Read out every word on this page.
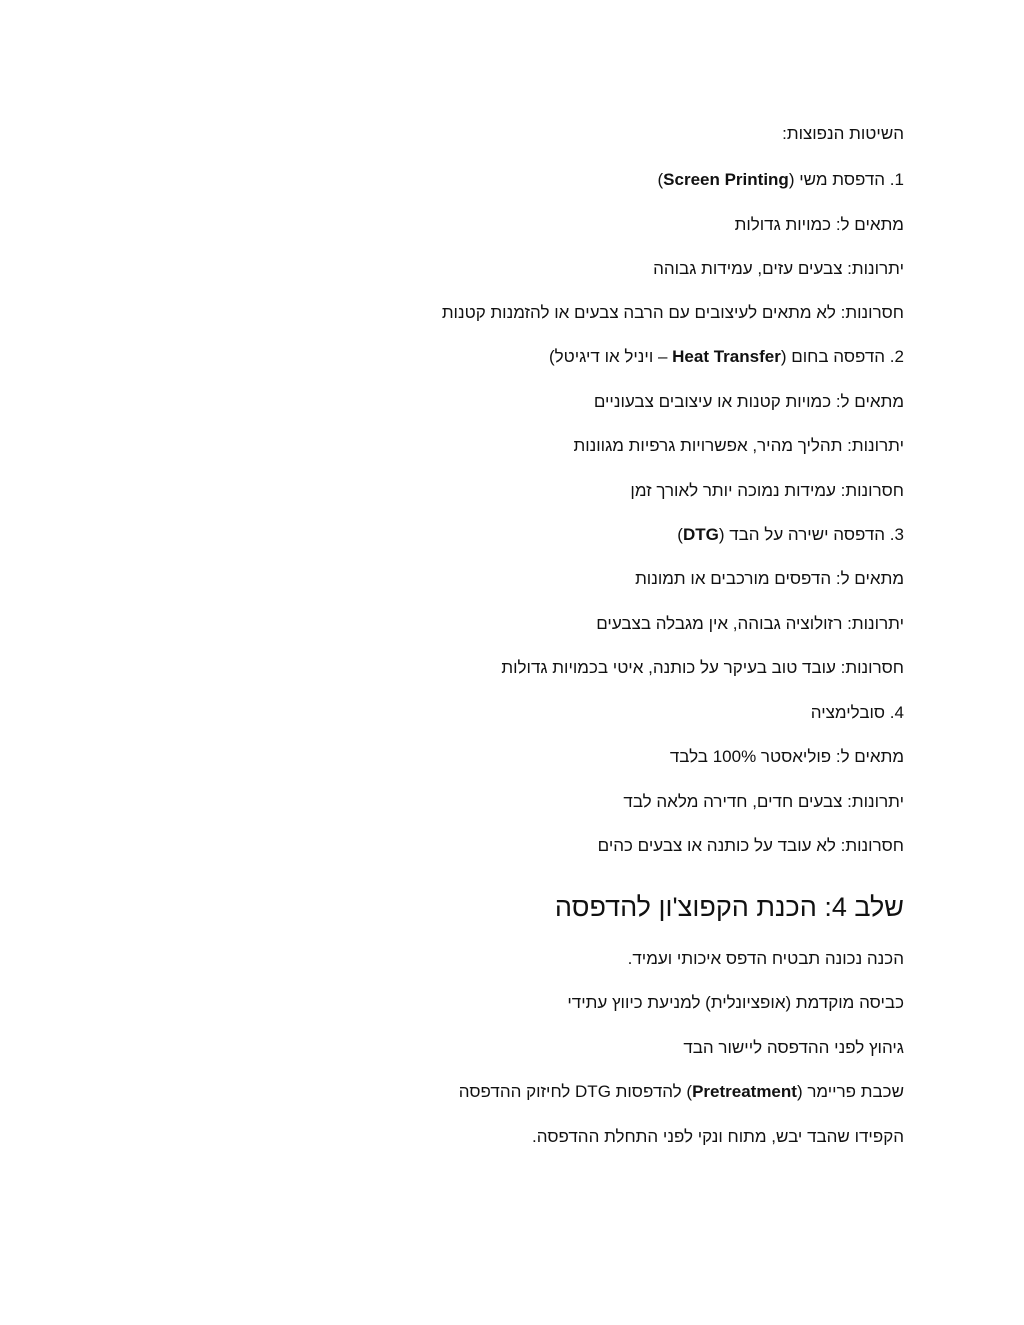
השיטות הנפוצות:
1. הדפסת משי (Screen Printing)
מתאים ל: כמויות גדולות
יתרונות: צבעים עזים, עמידות גבוהה
חסרונות: לא מתאים לעיצובים עם הרבה צבעים או להזמנות קטנות
2. הדפסה בחום (Heat Transfer – ויניל או דיגיטל)
מתאים ל: כמויות קטנות או עיצובים צבעוניים
יתרונות: תהליך מהיר, אפשרויות גרפיות מגוונות
חסרונות: עמידות נמוכה יותר לאורך זמן
3. הדפסה ישירה על הבד (DTG)
מתאים ל: הדפסים מורכבים או תמונות
יתרונות: רזולוציה גבוהה, אין מגבלה בצבעים
חסרונות: עובד טוב בעיקר על כותנה, איטי בכמויות גדולות
4. סובלימציה
מתאים ל: פוליאסטר 100% בלבד
יתרונות: צבעים חדים, חדירה מלאה לבד
חסרונות: לא עובד על כותנה או צבעים כהים
שלב 4: הכנת הקפוצ'ון להדפסה
הכנה נכונה תבטיח הדפס איכותי ועמיד.
כביסה מוקדמת (אופציונלית) למניעת כיווץ עתידי
גיהוץ לפני ההדפסה ליישור הבד
שכבת פריימר (Pretreatment) להדפסות DTG לחיזוק ההדפסה
הקפידו שהבד יבש, מתוח ונקי לפני התחלת ההדפסה.
